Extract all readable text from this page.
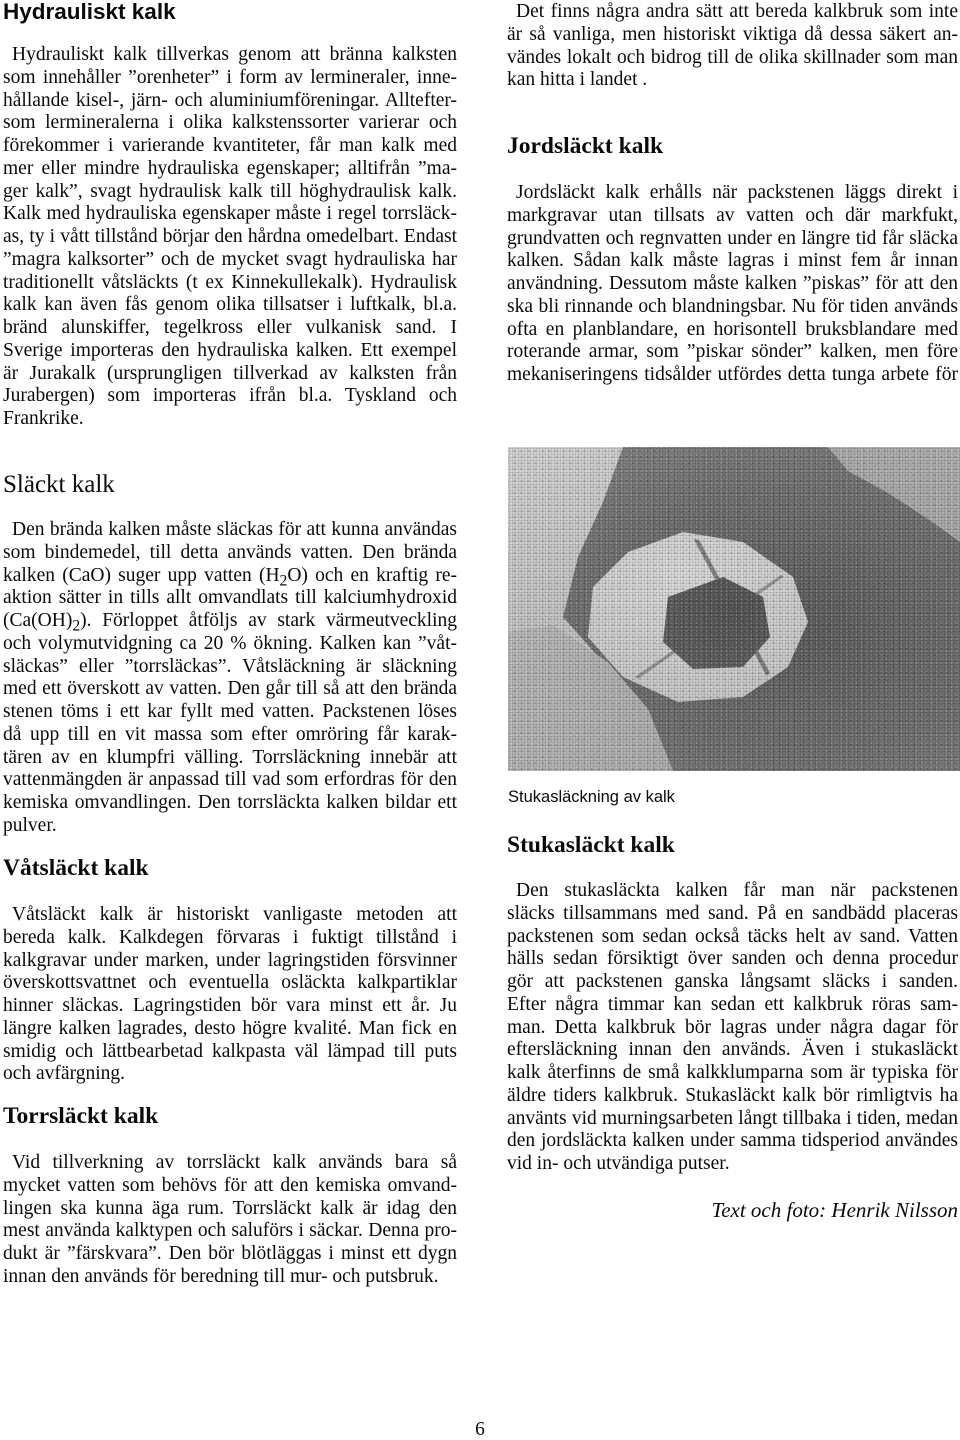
Hydrauliskt kalk
Hydrauliskt kalk tillverkas genom att bränna kalksten
som innehåller ”orenheter” i form av lermineraler, inne-
hållande kisel-, järn- och aluminiumföreningar. Alltefter-
som lermineralerna i olika kalkstenssorter varierar och
förekommer i varierande kvantiteter, får man kalk med
mer eller mindre hydrauliska egenskaper; alltifrån ”ma-
ger kalk”, svagt hydraulisk kalk till höghydraulisk kalk.
Kalk med hydrauliska egenskaper måste i regel torrsläck-
as, ty i vått tillstånd börjar den hårdna omedelbart. Endast
”magra kalksorter” och de mycket svagt hydrauliska har
traditionellt våtsläckts (t ex Kinnekullekalk). Hydraulisk
kalk kan även fås genom olika tillsatser i luftkalk, bl.a.
bränd alunskiffer, tegelkross eller vulkanisk sand. I
Sverige importeras den hydrauliska kalken. Ett exempel
är Jurakalk (ursprungligen tillverkad av kalksten från
Jurabergen) som importeras ifrån bl.a. Tyskland och
Frankrike.
Släckt kalk
Den brända kalken måste släckas för att kunna användas
som bindemedel, till detta används vatten. Den brända
kalken (CaO) suger upp vatten $(H_2O)$ och en kraftig re-
aktion sätter in tills allt omvandlats till kalciumhydroxid
$(Ca(OH)_2)$. Förloppet åtföljs av stark värmeutveckling
och volymutvidgning ca 20 % ökning. Kalken kan ”våt-
släckas” eller ”torrsläckas”. Våtsläckning är släckning
med ett överskott av vatten. Den går till så att den brända
stenen töms i ett kar fyllt med vatten. Packstenen löses
då upp till en vit massa som efter omröring får karak-
tären av en klumpfri välling. Torrsläckning innebär att
vattenmängden är anpassad till vad som erfordras för den
kemiska omvandlingen. Den torrsläckta kalken bildar ett
pulver.
Våtsläckt kalk
Våtsläckt kalk är historiskt vanligaste metoden att
bereda kalk. Kalkdegen förvaras i fuktigt tillstånd i
kalkgravar under marken, under lagringstiden försvinner
överskottsvattnet och eventuella osläckta kalkpartiklar
hinner släckas. Lagringstiden bör vara minst ett år. Ju
längre kalken lagrades, desto högre kvalité. Man fick en
smidig och lättbearbetad kalkpasta väl lämpad till puts
och avfärgning.
Torrsläckt kalk
Vid tillverkning av torrsläckt kalk används bara så
mycket vatten som behövs för att den kemiska omvand-
lingen ska kunna äga rum. Torrsläckt kalk är idag den
mest använda kalktypen och saluförs i säckar. Denna pro-
dukt är ”färskvara”. Den bör blötläggas i minst ett dygn
innan den används för beredning till mur- och putsbruk.
Det finns några andra sätt att bereda kalkbruk som inte
är så vanliga, men historiskt viktiga då dessa säkert an-
vändes lokalt och bidrog till de olika skillnader som man
kan hitta i landet .
Jordsläckt kalk
Jordsläckt kalk erhålls när packstenen läggs direkt i
markgravar utan tillsats av vatten och där markfukt,
grundvatten och regnvatten under en längre tid får släcka
kalken. Sådan kalk måste lagras i minst fem år innan
användning. Dessutom måste kalken ”piskas” för att den
ska bli rinnande och blandningsbar. Nu för tiden används
ofta en planblandare, en horisontell bruksblandare med
roterande armar, som ”piskar sönder” kalken, men före
mekaniseringens tidsålder utfördes detta tunga arbete för
Stukasläckning av kalk
Stukasläckt kalk
Den stukasläckta kalken får man när packstenen
släcks tillsammans med sand. På en sandbädd placeras
packstenen som sedan också täcks helt av sand. Vatten
hälls sedan försiktigt över sanden och denna procedur
gör att packstenen ganska långsamt släcks i sanden.
Efter några timmar kan sedan ett kalkbruk röras sam-
man. Detta kalkbruk bör lagras under några dagar för
eftersläckning innan den används. Även i stukasläckt
kalk återfinns de små kalkklumparna som är typiska för
äldre tiders kalkbruk. Stukasläckt kalk bör rimligtvis ha
använts vid murningsarbeten långt tillbaka i tiden, medan
den jordsläckta kalken under samma tidsperiod användes
vid in- och utvändiga putser.
Text och foto: Henrik Nilsson
6
